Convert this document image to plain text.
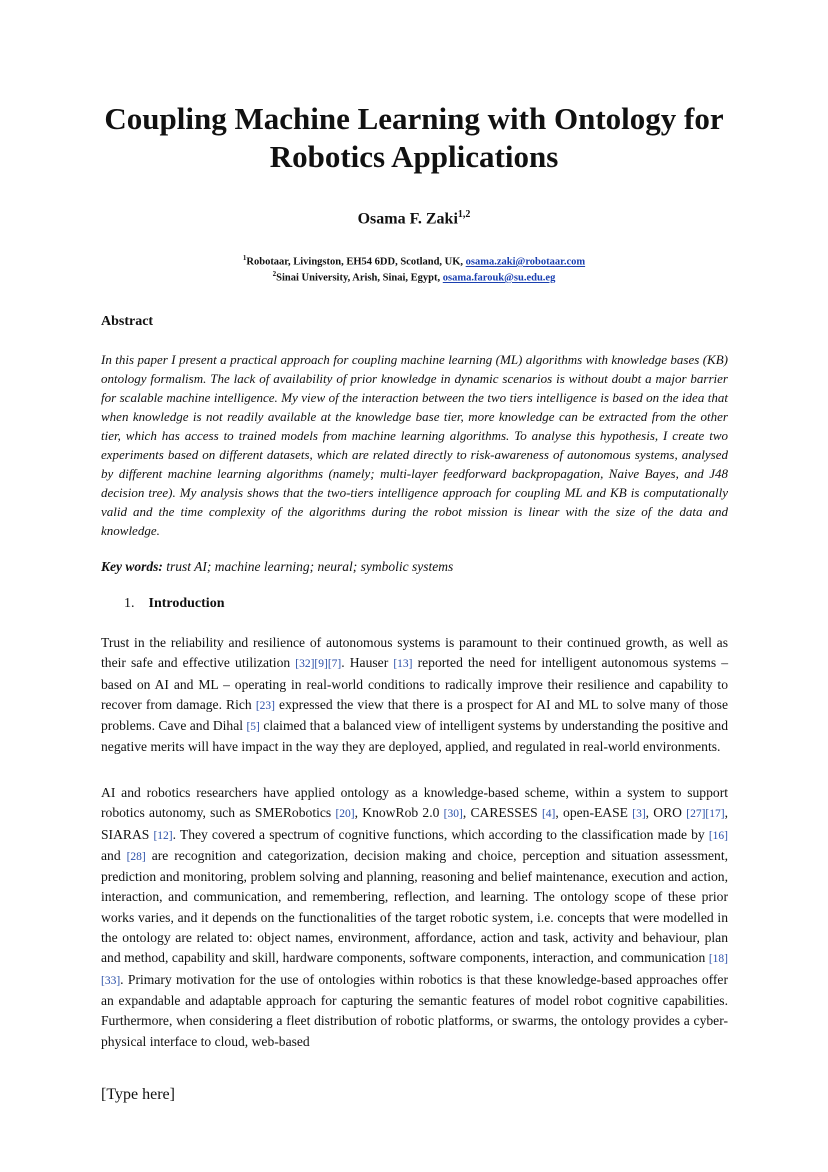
Coupling Machine Learning with Ontology for Robotics Applications
Osama F. Zaki$^{1,2}$
$^1$Robotaar, Livingston, EH54 6DD, Scotland, UK, osama.zaki@robotaar.com
$^2$Sinai University, Arish, Sinai, Egypt, osama.farouk@su.edu.eg
Abstract

In this paper I present a practical approach for coupling machine learning (ML) algorithms with knowledge bases (KB) ontology formalism. The lack of availability of prior knowledge in dynamic scenarios is without doubt a major barrier for scalable machine intelligence. My view of the interaction between the two tiers intelligence is based on the idea that when knowledge is not readily available at the knowledge base tier, more knowledge can be extracted from the other tier, which has access to trained models from machine learning algorithms. To analyse this hypothesis, I create two experiments based on different datasets, which are related directly to risk-awareness of autonomous systems, analysed by different machine learning algorithms (namely; multi-layer feedforward backpropagation, Naive Bayes, and J48 decision tree). My analysis shows that the two-tiers intelligence approach for coupling ML and KB is computationally valid and the time complexity of the algorithms during the robot mission is linear with the size of the data and knowledge.

Key words: trust AI; machine learning; neural; symbolic systems
1. Introduction

Trust in the reliability and resilience of autonomous systems is paramount to their continued growth, as well as their safe and effective utilization [32][9][7]. Hauser [13] reported the need for intelligent autonomous systems – based on AI and ML – operating in real-world conditions to radically improve their resilience and capability to recover from damage. Rich [23] expressed the view that there is a prospect for AI and ML to solve many of those problems. Cave and Dihal [5] claimed that a balanced view of intelligent systems by understanding the positive and negative merits will have impact in the way they are deployed, applied, and regulated in real-world environments.

AI and robotics researchers have applied ontology as a knowledge-based scheme, within a system to support robotics autonomy, such as SMERobotics [20], KnowRob 2.0 [30], CARESSES [4], open-EASE [3], ORO [27][17], SIARAS [12]. They covered a spectrum of cognitive functions, which according to the classification made by [16] and [28] are recognition and categorization, decision making and choice, perception and situation assessment, prediction and monitoring, problem solving and planning, reasoning and belief maintenance, execution and action, interaction, and communication, and remembering, reflection, and learning. The ontology scope of these prior works varies, and it depends on the functionalities of the target robotic system, i.e. concepts that were modelled in the ontology are related to: object names, environment, affordance, action and task, activity and behaviour, plan and method, capability and skill, hardware components, software components, interaction, and communication [18][33]. Primary motivation for the use of ontologies within robotics is that these knowledge-based approaches offer an expandable and adaptable approach for capturing the semantic features of model robot cognitive capabilities. Furthermore, when considering a fleet distribution of robotic platforms, or swarms, the ontology provides a cyber-physical interface to cloud, web-based

[Type here]
